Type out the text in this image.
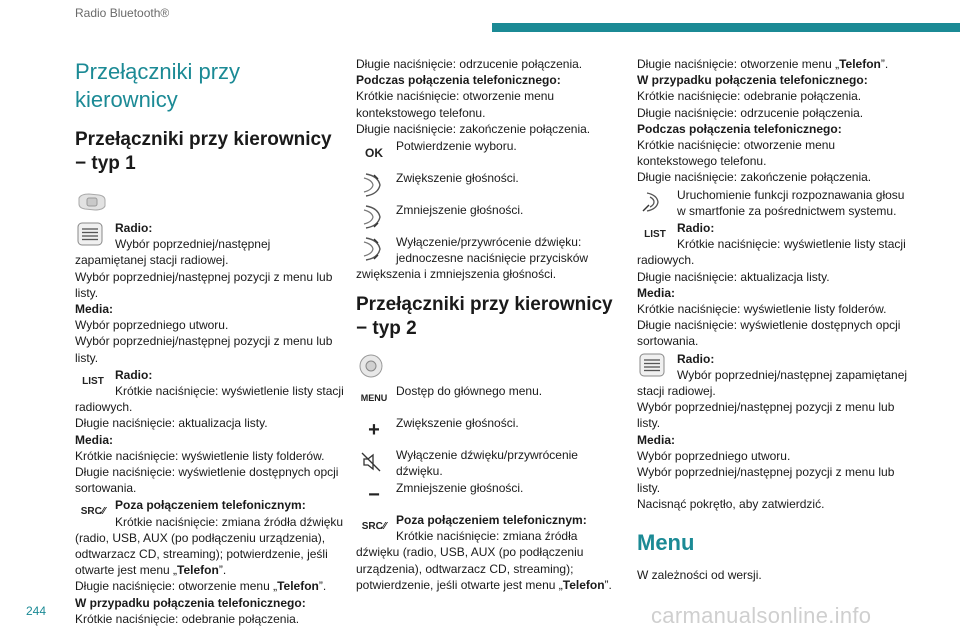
Radio Bluetooth®
Przełączniki przy kierownicy
Przełączniki przy kierownicy − typ 1

Radio:

Wybór poprzedniej/następnej zapamiętanej stacji radiowej.

Wybór poprzedniej/następnej pozycji z menu lub listy.

Media:

Wybór poprzedniego utworu.

Wybór poprzedniej/następnej pozycji z menu lub listy.

LIST Radio:

Krótkie naciśnięcie: wyświetlenie listy stacji radiowych.

Długie naciśnięcie: aktualizacja listy.

Media:

Krótkie naciśnięcie: wyświetlenie listy folderów.

Długie naciśnięcie: wyświetlenie dostępnych opcji sortowania.

SRC ⁄⁄ Poza połączeniem telefonicznym:

Krótkie naciśnięcie: zmiana źródła dźwięku (radio, USB, AUX (po podłączeniu urządzenia), odtwarzacz CD, streaming); potwierdzenie, jeśli otwarte jest menu „Telefon”.

Długie naciśnięcie: otworzenie menu „Telefon”.

W przypadku połączenia telefonicznego:

Krótkie naciśnięcie: odebranie połączenia.

Długie naciśnięcie: odrzucenie połączenia.

Podczas połączenia telefonicznego:

Krótkie naciśnięcie: otworzenie menu kontekstowego telefonu.

Długie naciśnięcie: zakończenie połączenia.

OK	Potwierdzenie wyboru.

Zwiększenie głośności.

Zmniejszenie głośności.

Wyłączenie/przywrócenie dźwięku: jednoczesne naciśnięcie przycisków zwiększenia i zmniejszenia głośności.

Przełączniki przy kierownicy − typ 2
MENU Dostęp do głównego menu.

+	Zwiększenie głośności.

Wyłączenie dźwięku/przywrócenie dźwięku.

−	Zmniejszenie głośności.

SRC ⁄⁄ Poza połączeniem telefonicznym:

Krótkie naciśnięcie: zmiana źródła dźwięku (radio, USB, AUX (po podłączeniu urządzenia), odtwarzacz CD, streaming); potwierdzenie, jeśli otwarte jest menu „Telefon”.

Długie naciśnięcie: otworzenie menu „Telefon”.

W przypadku połączenia telefonicznego:

Krótkie naciśnięcie: odebranie połączenia.

Długie naciśnięcie: odrzucenie połączenia.

Podczas połączenia telefonicznego:

Krótkie naciśnięcie: otworzenie menu kontekstowego telefonu.

Długie naciśnięcie: zakończenie połączenia.

Uruchomienie funkcji rozpoznawania głosu w smartfonie za pośrednictwem systemu.

LIST Radio:

Krótkie naciśnięcie: wyświetlenie listy stacji radiowych.

Długie naciśnięcie: aktualizacja listy.

Media:

Krótkie naciśnięcie: wyświetlenie listy folderów.

Długie naciśnięcie: wyświetlenie dostępnych opcji sortowania.

Radio:

Wybór poprzedniej/następnej zapamiętanej stacji radiowej.

Wybór poprzedniej/następnej pozycji z menu lub listy.

Media:

Wybór poprzedniego utworu.

Wybór poprzedniej/następnej pozycji z menu lub listy.

Nacisnąć pokrętło, aby zatwierdzić.

Menu

W zależności od wersji.

244	carmanualsonline.info
